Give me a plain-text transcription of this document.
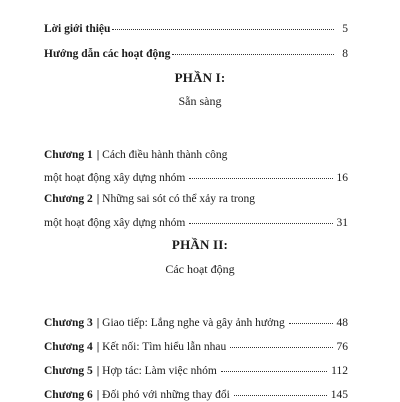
Lời giới thiệu	5
Hướng dẫn các hoạt động	8
PHẦN I:
Sẵn sàng
Chương 1 | Cách điều hành thành công
một hoạt động xây dựng nhóm	16
Chương 2 | Những sai sót có thể xảy ra trong
một hoạt động xây dựng nhóm	31
PHẦN II:
Các hoạt động
Chương 3 |
Giao tiếp: Lắng nghe và gây ảnh hưởng	48
Chương 4 |
Kết nối: Tìm hiểu lẫn nhau	76
Chương 5 |
Hợp tác: Làm việc nhóm	112
Chương 6 |
Đối phó với những thay đổi	145
